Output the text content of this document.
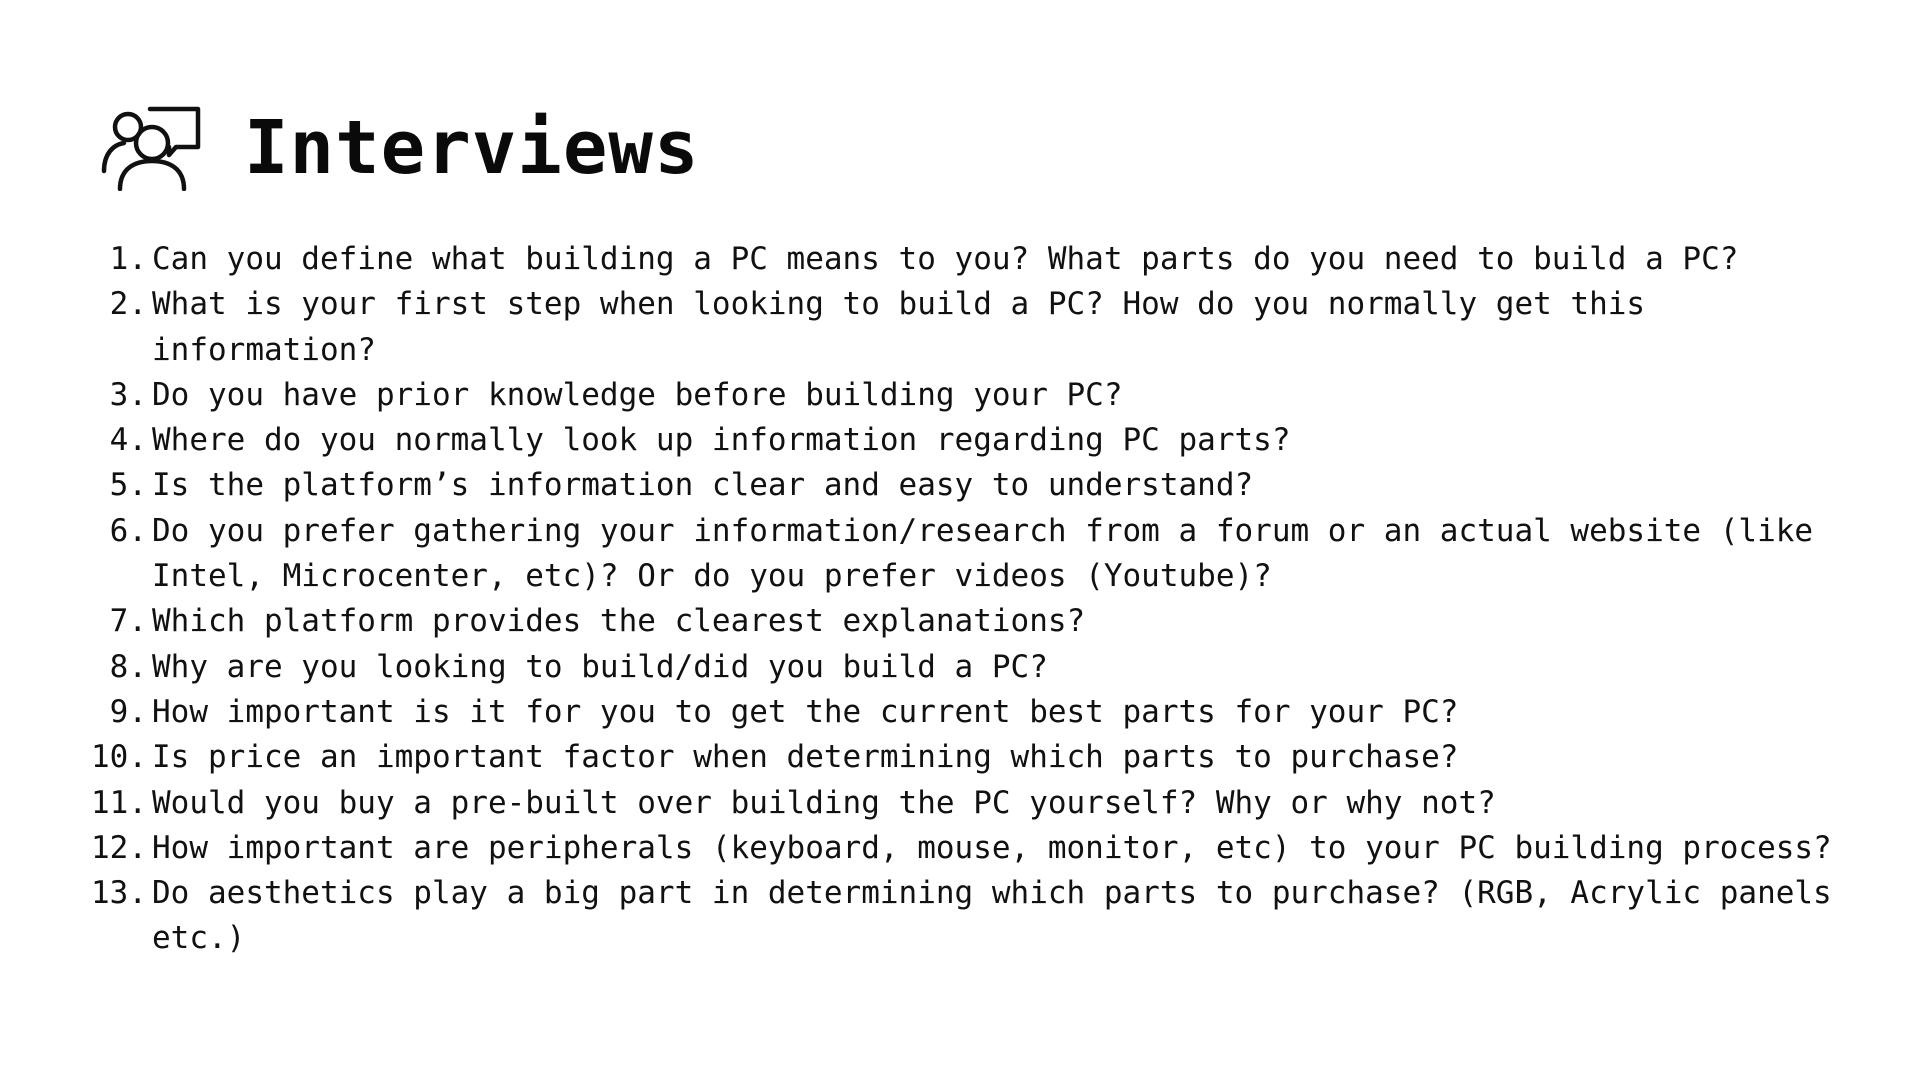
Interviews
1. Can you define what building a PC means to you? What parts do you need to build a PC?
2. What is your first step when looking to build a PC? How do you normally get this information?
3. Do you have prior knowledge before building your PC?
4. Where do you normally look up information regarding PC parts?
5. Is the platform’s information clear and easy to understand?
6. Do you prefer gathering your information/research from a forum or an actual website (like Intel, Microcenter, etc)? Or do you prefer videos (Youtube)?
7. Which platform provides the clearest explanations?
8. Why are you looking to build/did you build a PC?
9. How important is it for you to get the current best parts for your PC?
10. Is price an important factor when determining which parts to purchase?
11. Would you buy a pre-built over building the PC yourself? Why or why not?
12. How important are peripherals (keyboard, mouse, monitor, etc) to your PC building process?
13. Do aesthetics play a big part in determining which parts to purchase? (RGB, Acrylic panels etc.)
